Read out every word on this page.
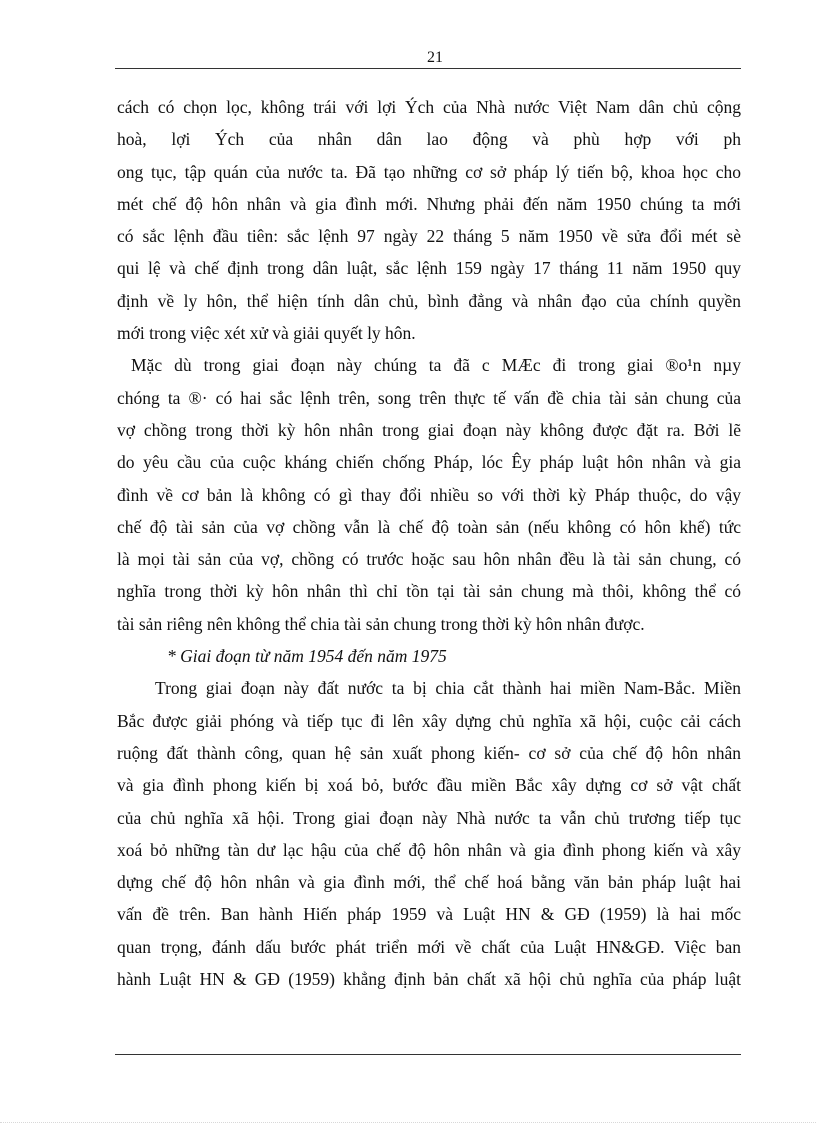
21

cách có chọn lọc, không trái với lợi Ých của Nhà nước Việt Nam dân chủ cộng
hoà, lợi Ých của nhân dân lao động và phù hợp với ph
ong tục, tập quán của nước ta. Đã tạo những cơ sở pháp lý tiến bộ, khoa học cho
mét chế độ hôn nhân và gia đình mới. Nhưng phải đến năm 1950 chúng ta mới
có sắc lệnh đầu tiên: sắc lệnh 97 ngày 22 tháng 5 năm 1950 về sửa đổi mét sè
qui lệ và chế định trong dân luật, sắc lệnh 159 ngày 17 tháng 11 năm 1950 quy
định về ly hôn, thể hiện tính dân chủ, bình đẳng và nhân đạo của chính quyền
mới trong việc xét xử và giải quyết ly hôn.

Mặc dù trong giai đoạn này chúng ta đã c MÆc đi trong giai ®o¹n nµy
chóng ta ®· có hai sắc lệnh trên, song trên thực tế vấn đề chia tài sản chung của
vợ chồng trong thời kỳ hôn nhân trong giai đoạn này không được đặt ra. Bởi lẽ
do yêu cầu của cuộc kháng chiến chống Pháp, lóc Êy pháp luật hôn nhân và gia
đình về cơ bản là không có gì thay đổi nhiều so với thời kỳ Pháp thuộc, do vậy
chế độ tài sản của vợ chồng vẫn là chế độ toàn sản (nếu không có hôn khế) tức
là mọi tài sản của vợ, chồng có trước hoặc sau hôn nhân đều là tài sản chung, có
nghĩa trong thời kỳ hôn nhân thì chỉ tồn tại tài sản chung mà thôi, không thể có
tài sản riêng nên không thể chia tài sản chung trong thời kỳ hôn nhân được.

* Giai đoạn từ năm 1954 đến năm 1975

Trong giai đoạn này đất nước ta bị chia cắt thành hai miền Nam-Bắc. Miền
Bắc được giải phóng và tiếp tục đi lên xây dựng chủ nghĩa xã hội, cuộc cải cách
ruộng đất thành công, quan hệ sản xuất phong kiến- cơ sở của chế độ hôn nhân
và gia đình phong kiến bị xoá bỏ, bước đầu miền Bắc xây dựng cơ sở vật chất
của chủ nghĩa xã hội. Trong giai đoạn này Nhà nước ta vẫn chủ trương tiếp tục
xoá bỏ những tàn dư lạc hậu của chế độ hôn nhân và gia đình phong kiến và xây
dựng chế độ hôn nhân và gia đình mới, thể chế hoá bằng văn bản pháp luật hai
vấn đề trên. Ban hành Hiến pháp 1959 và Luật HN & GĐ (1959) là hai mốc
quan trọng, đánh dấu bước phát triển mới về chất của Luật HN&GĐ. Việc ban
hành Luật HN & GĐ (1959) khẳng định bản chất xã hội chủ nghĩa của pháp luật
